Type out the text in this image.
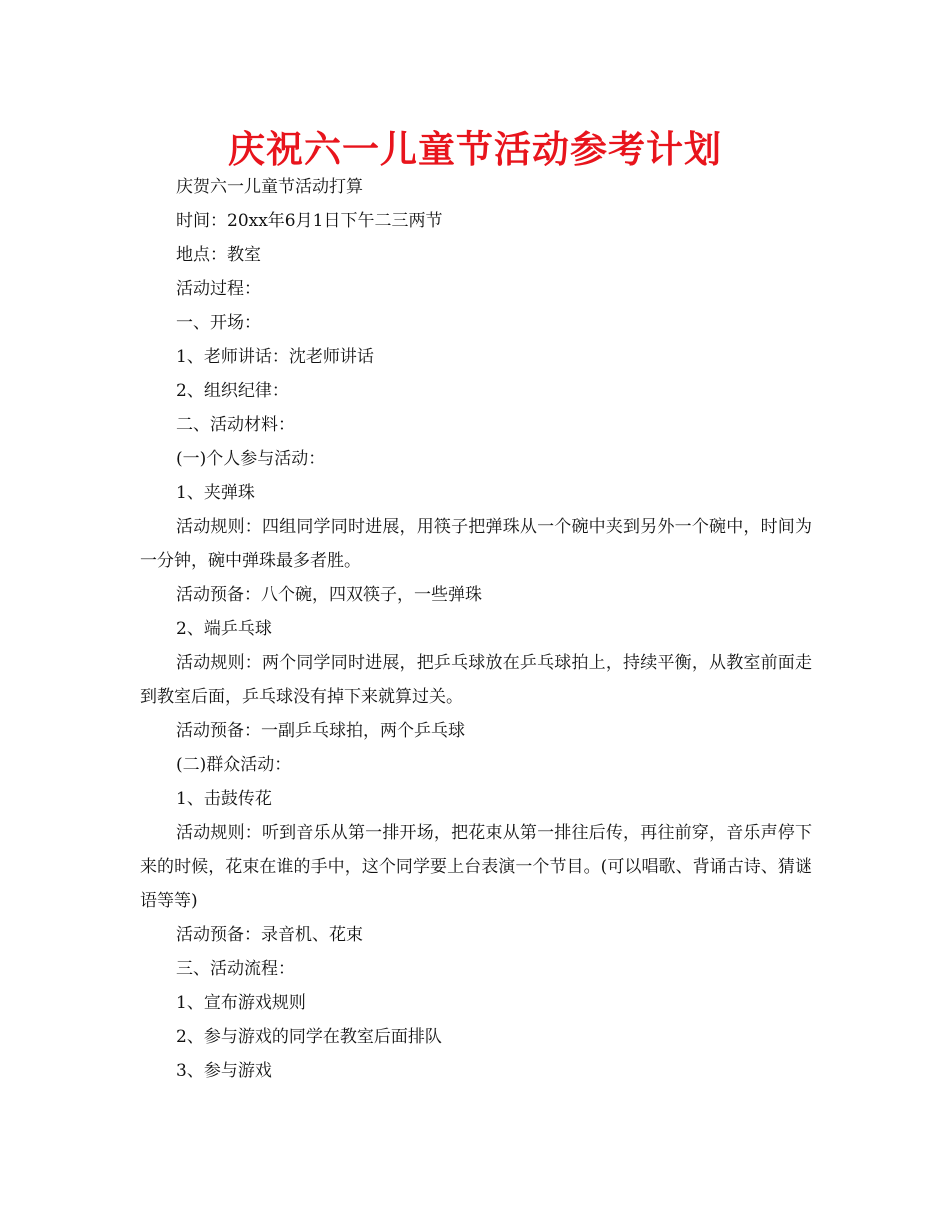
庆祝六一儿童节活动参考计划

庆贺六一儿童节活动打算

时间：20xx年6月1日下午二三两节

地点：教室

活动过程：

一、开场：

1、老师讲话：沈老师讲话

2、组织纪律：

二、活动材料：

(一)个人参与活动：

1、夹弹珠

活动规则：四组同学同时进展，用筷子把弹珠从一个碗中夹到另外一个碗中，时间为一分钟，碗中弹珠最多者胜。

活动预备：八个碗，四双筷子，一些弹珠

2、端乒乓球

活动规则：两个同学同时进展，把乒乓球放在乒乓球拍上，持续平衡，从教室前面走到教室后面，乒乓球没有掉下来就算过关。

活动预备：一副乒乓球拍，两个乒乓球

(二)群众活动：

1、击鼓传花

活动规则：听到音乐从第一排开场，把花束从第一排往后传，再往前穿，音乐声停下来的时候，花束在谁的手中，这个同学要上台表演一个节目。(可以唱歌、背诵古诗、猜谜语等等)

活动预备：录音机、花束

三、活动流程：

1、宣布游戏规则

2、参与游戏的同学在教室后面排队

3、参与游戏
